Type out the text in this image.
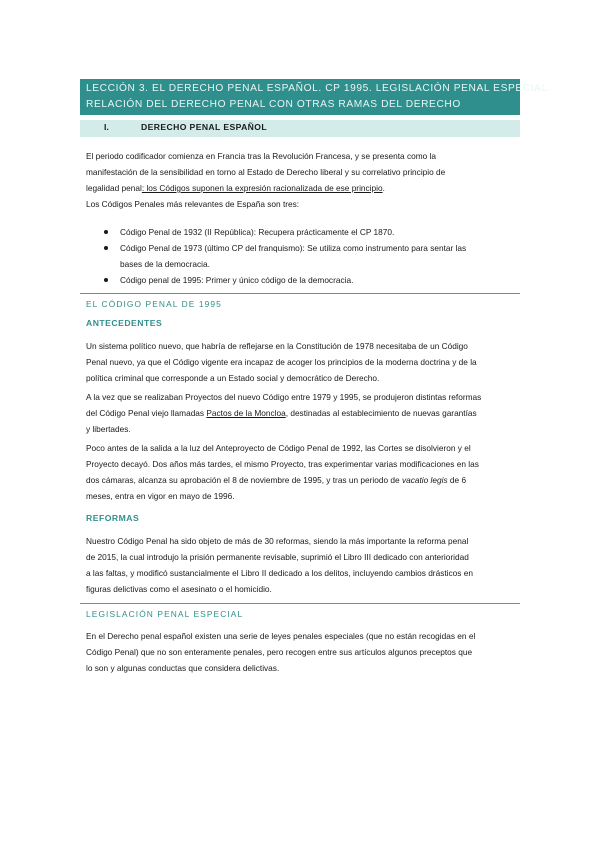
LECCIÓN 3. EL DERECHO PENAL ESPAÑOL. CP 1995. LEGISLACIÓN PENAL ESPECIAL.
RELACIÓN DEL DERECHO PENAL CON OTRAS RAMAS DEL DERECHO
I.	DERECHO PENAL ESPAÑOL
El periodo codificador comienza en Francia tras la Revolución Francesa, y se presenta como la
manifestación de la sensibilidad en torno al Estado de Derecho liberal y su correlativo principio de
legalidad penal: los Códigos suponen la expresión racionalizada de ese principio.
Los Códigos Penales más relevantes de España son tres:
Código Penal de 1932 (II República): Recupera prácticamente el CP 1870.
Código Penal de 1973 (último CP del franquismo): Se utiliza como instrumento para sentar las
bases de la democracia.
Código penal de 1995: Primer y único código de la democracia.
EL CÓDIGO PENAL DE 1995
ANTECEDENTES
Un sistema político nuevo, que habría de reflejarse en la Constitución de 1978 necesitaba de un Código
Penal nuevo, ya que el Código vigente era incapaz de acoger los principios de la moderna doctrina y de la
política criminal que corresponde a un Estado social y democrático de Derecho.
A la vez que se realizaban Proyectos del nuevo Código entre 1979 y 1995, se produjeron distintas reformas
del Código Penal viejo llamadas Pactos de la Moncloa, destinadas al establecimiento de nuevas garantías
y libertades.
Poco antes de la salida a la luz del Anteproyecto de Código Penal de 1992, las Cortes se disolvieron y el
Proyecto decayó. Dos años más tardes, el mismo Proyecto, tras experimentar varias modificaciones en las
dos cámaras, alcanza su aprobación el 8 de noviembre de 1995, y tras un periodo de vacatio legis de 6
meses, entra en vigor en mayo de 1996.
REFORMAS
Nuestro Código Penal ha sido objeto de más de 30 reformas, siendo la más importante la reforma penal
de 2015, la cual introdujo la prisión permanente revisable, suprimió el Libro III dedicado con anterioridad
a las faltas, y modificó sustancialmente el Libro II dedicado a los delitos, incluyendo cambios drásticos en
figuras delictivas como el asesinato o el homicidio.
LEGISLACIÓN PENAL ESPECIAL
En el Derecho penal español existen una serie de leyes penales especiales (que no están recogidas en el
Código Penal) que no son enteramente penales, pero recogen entre sus artículos algunos preceptos que
lo son y algunas conductas que considera delictivas.
